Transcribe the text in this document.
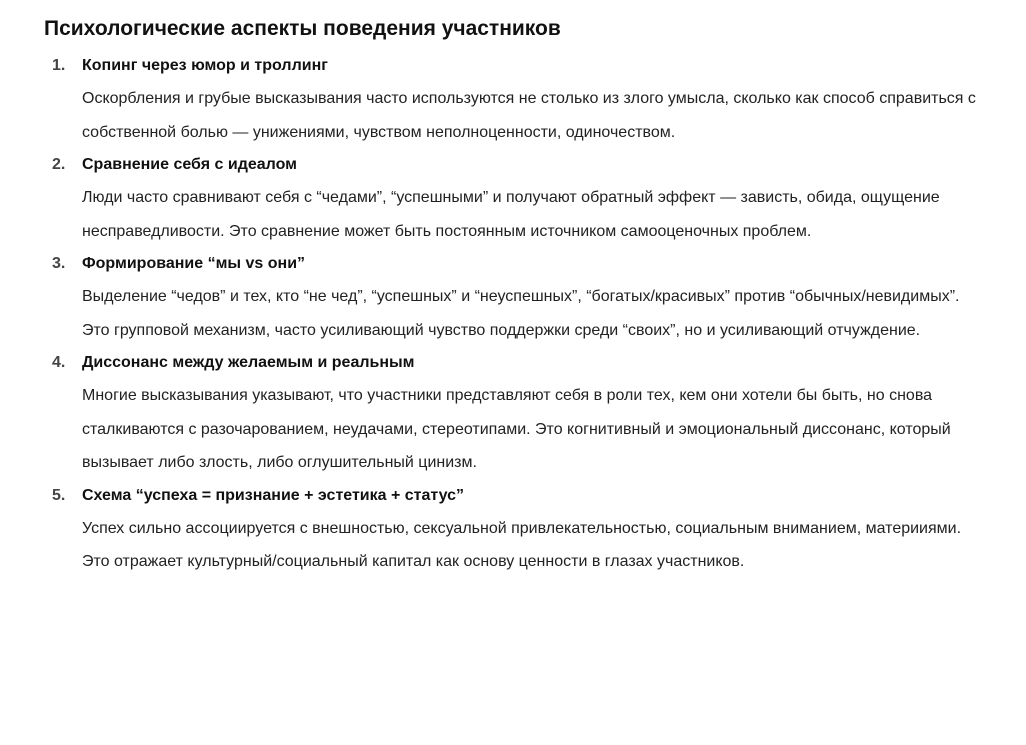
Психологические аспекты поведения участников
1. Копинг через юмор и троллинг

Оскорбления и грубые высказывания часто используются не столько из злого умысла, сколько как способ справиться с собственной болью — унижениями, чувством неполноценности, одиночеством.

2. Сравнение себя с идеалом

Люди часто сравнивают себя с “чедами”, “успешными” и получают обратный эффект — зависть, обида, ощущение несправедливости. Это сравнение может быть постоянным источником самооценочных проблем.

3. Формирование “мы vs они”

Выделение “чедов” и тех, кто “не чед”, “успешных” и “неуспешных”, “богатых/красивых” против “обычных/невидимых”. Это групповой механизм, часто усиливающий чувство поддержки среди “своих”, но и усиливающий отчуждение.

4. Диссонанс между желаемым и реальным

Многие высказывания указывают, что участники представляют себя в роли тех, кем они хотели бы быть, но снова сталкиваются с разочарованием, неудачами, стереотипами. Это когнитивный и эмоциональный диссонанс, который вызывает либо злость, либо оглушительный цинизм.

5. Схема “успеха = признание + эстетика + статус”

Успех сильно ассоциируется с внешностью, сексуальной привлекательностью, социальным вниманием, материиями. Это отражает культурный/социальный капитал как основу ценности в глазах участников.
